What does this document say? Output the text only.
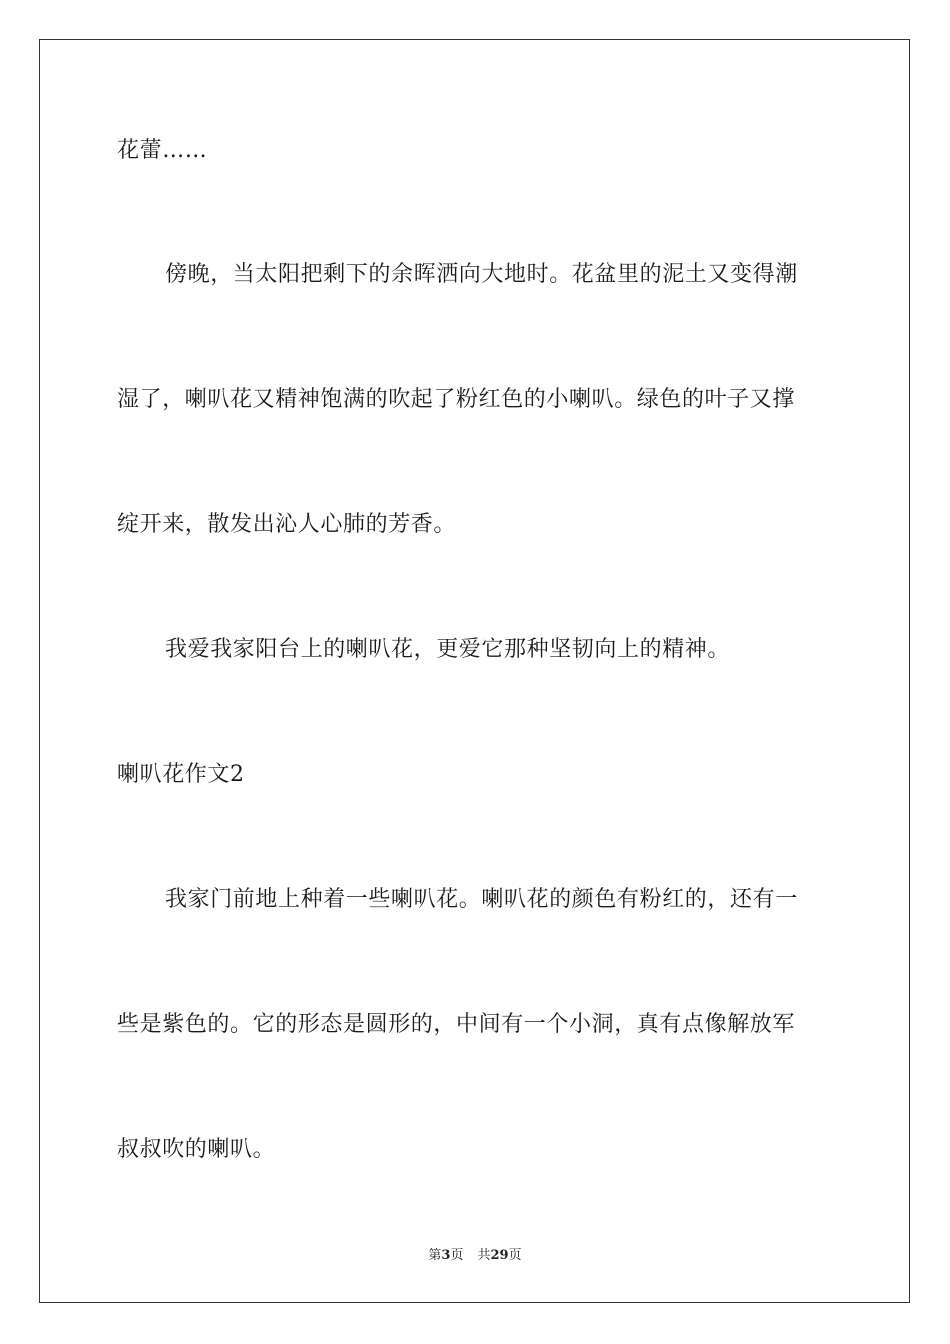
花蕾……
傍晚，当太阳把剩下的余晖洒向大地时。花盆里的泥土又变得潮
湿了，喇叭花又精神饱满的吹起了粉红色的小喇叭。绿色的叶子又撑
绽开来，散发出沁人心肺的芳香。
我爱我家阳台上的喇叭花，更爱它那种坚韧向上的精神。
喇叭花作文2
我家门前地上种着一些喇叭花。喇叭花的颜色有粉红的，还有一
些是紫色的。它的形态是圆形的，中间有一个小洞，真有点像解放军
叔叔吹的喇叭。
第3页 共29页
